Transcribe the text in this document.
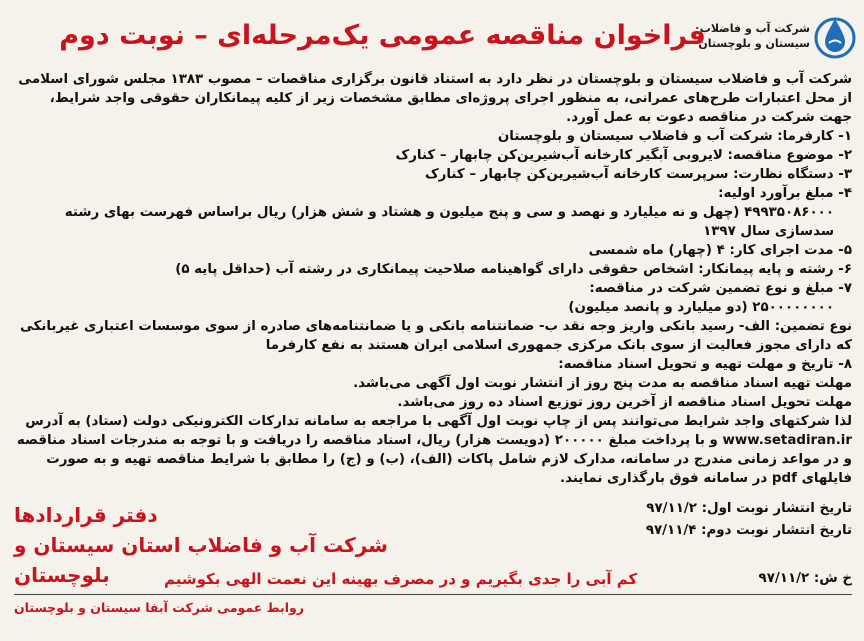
شرکت آب و فاضلاب
سیستان و بلوچستان
فراخوان مناقصه عمومی یک‌مرحله‌ای – نوبت دوم

شرکت آب و فاضلاب سیستان و بلوچستان در نظر دارد به استناد قانون برگزاری مناقصات – مصوب ۱۳۸۳ مجلس شورای اسلامی از محل اعتبارات طرح‌های عمرانی، به منظور اجرای پروژه‌ای مطابق مشخصات زیر از کلیه پیمانکاران حقوقی واجد شرایط، جهت شرکت در مناقصه دعوت به عمل آورد.

۱- کارفرما: شرکت آب و فاضلاب سیستان و بلوچستان

۲- موضوع مناقصه: لایروبی آبگیر کارخانه آب‌شیرین‌کن چابهار – کنارک

۳- دستگاه نظارت: سرپرست کارخانه آب‌شیرین‌کن چابهار – کنارک

۴- مبلغ برآورد اولیه:

۴۹۹۳۵۰۸۶۰۰۰ (چهل و نه میلیارد و نهصد و سی و پنج میلیون و هشتاد و شش هزار) ریال براساس فهرست بهای رشته سدسازی سال ۱۳۹۷

۵- مدت اجرای کار: ۴ (چهار) ماه شمسی

۶- رشته و پایه پیمانکار: اشخاص حقوقی دارای گواهینامه صلاحیت پیمانکاری در رشته آب (حداقل پایه ۵)

۷- مبلغ و نوع تضمین شرکت در مناقصه:

۲۵۰۰۰۰۰۰۰۰ (دو میلیارد و پانصد میلیون)

نوع تضمین: الف- رسید بانکی واریز وجه نقد ب- ضمانتنامه بانکی و یا ضمانتنامه‌های صادره از سوی موسسات اعتباری غیربانکی که دارای مجوز فعالیت از سوی بانک مرکزی جمهوری اسلامی ایران هستند به نفع کارفرما

۸- تاریخ و مهلت تهیه و تحویل اسناد مناقصه:

مهلت تهیه اسناد مناقصه به مدت پنج روز از انتشار نوبت اول آگهی می‌باشد.

مهلت تحویل اسناد مناقصه از آخرین روز توزیع اسناد ده روز می‌باشد.

لذا شرکتهای واجد شرایط می‌توانند پس از چاپ نوبت اول آگهی با مراجعه به سامانه تدارکات الکترونیکی دولت (ستاد) به آدرس www.setadiran.ir و با پرداخت مبلغ ۲۰۰۰۰۰ (دویست هزار) ریال، اسناد مناقصه را دریافت و با توجه به مندرجات اسناد مناقصه و در مواعد زمانی مندرج در سامانه، مدارک لازم شامل پاکات (الف)، (ب) و (ج) را مطابق با شرایط مناقصه تهیه و به صورت فایلهای pdf در سامانه فوق بارگذاری نمایند.

تاریخ انتشار نوبت اول: ۹۷/۱۱/۲
تاریخ انتشار نوبت دوم: ۹۷/۱۱/۴
دفتر قراردادها
شرکت آب و فاضلاب استان سیستان و بلوچستان	خ ش: ۹۷/۱۱/۲
کم آبی را جدی بگیریم و در مصرف بهینه این نعمت الهی بکوشیم
روابط عمومی شرکت آبفا سیستان و بلوچستان
